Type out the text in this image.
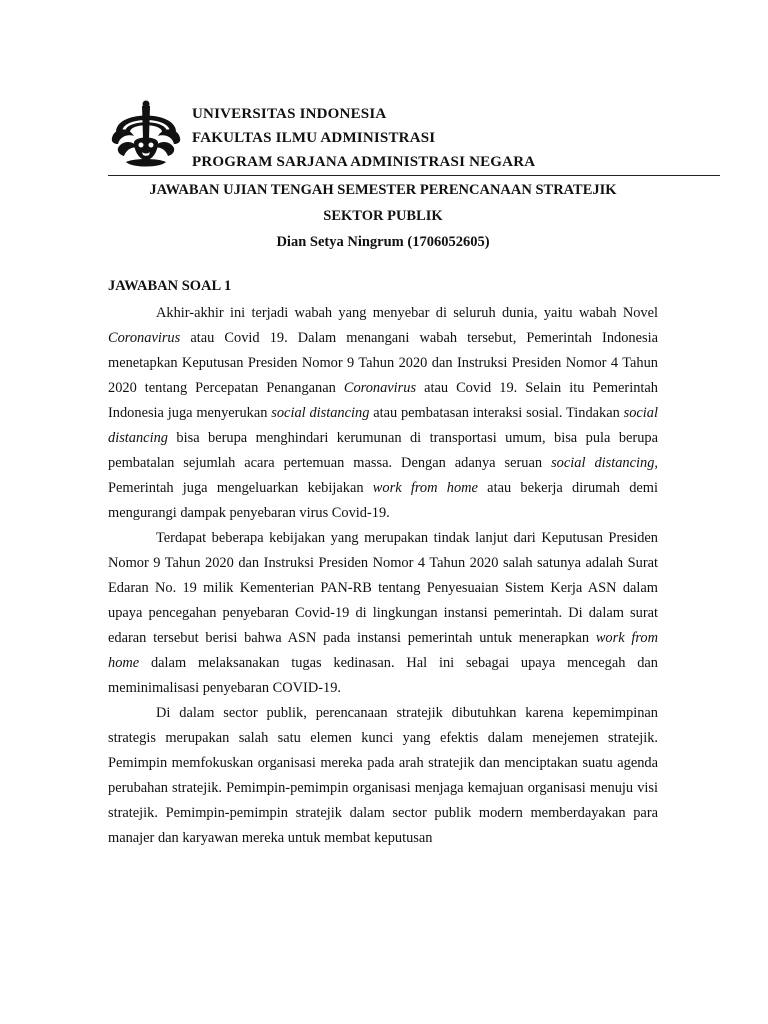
UNIVERSITAS INDONESIA
FAKULTAS ILMU ADMINISTRASI
PROGRAM SARJANA ADMINISTRASI NEGARA
JAWABAN UJIAN TENGAH SEMESTER PERENCANAAN STRATEJIK
SEKTOR PUBLIK
Dian Setya Ningrum (1706052605)
JAWABAN SOAL 1

Akhir-akhir ini terjadi wabah yang menyebar di seluruh dunia, yaitu wabah Novel Coronavirus atau Covid 19. Dalam menangani wabah tersebut, Pemerintah Indonesia menetapkan Keputusan Presiden Nomor 9 Tahun 2020 dan Instruksi Presiden Nomor 4 Tahun 2020 tentang Percepatan Penanganan Coronavirus atau Covid 19. Selain itu Pemerintah Indonesia juga menyerukan social distancing atau pembatasan interaksi sosial. Tindakan social distancing bisa berupa menghindari kerumunan di transportasi umum, bisa pula berupa pembatalan sejumlah acara pertemuan massa. Dengan adanya seruan social distancing, Pemerintah juga mengeluarkan kebijakan work from home atau bekerja dirumah demi mengurangi dampak penyebaran virus Covid-19.

Terdapat beberapa kebijakan yang merupakan tindak lanjut dari Keputusan Presiden Nomor 9 Tahun 2020 dan Instruksi Presiden Nomor 4 Tahun 2020 salah satunya adalah Surat Edaran No. 19 milik Kementerian PAN-RB tentang Penyesuaian Sistem Kerja ASN dalam upaya pencegahan penyebaran Covid-19 di lingkungan instansi pemerintah. Di dalam surat edaran tersebut berisi bahwa ASN pada instansi pemerintah untuk menerapkan work from home dalam melaksanakan tugas kedinasan. Hal ini sebagai upaya mencegah dan meminimalisasi penyebaran COVID-19.

Di dalam sector publik, perencanaan stratejik dibutuhkan karena kepemimpinan strategis merupakan salah satu elemen kunci yang efektis dalam menejemen stratejik. Pemimpin memfokuskan organisasi mereka pada arah stratejik dan menciptakan suatu agenda perubahan stratejik. Pemimpin-pemimpin organisasi menjaga kemajuan organisasi menuju visi stratejik. Pemimpin-pemimpin stratejik dalam sector publik modern memberdayakan para manajer dan karyawan mereka untuk membat keputusan
